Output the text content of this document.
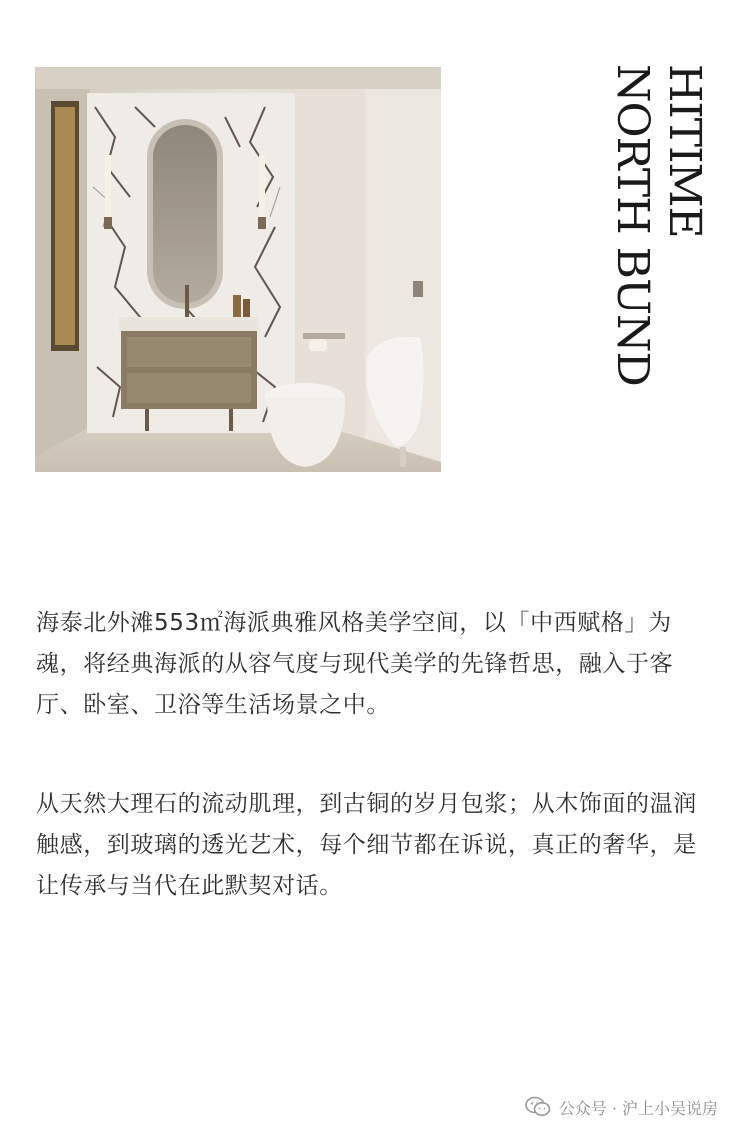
HITIME
NORTH BUND

海泰北外滩553㎡海派典雅风格美学空间，以「中西赋格」为魂，将经典海派的从容气度与现代美学的先锋哲思，融入于客厅、卧室、卫浴等生活场景之中。

从天然大理石的流动肌理，到古铜的岁月包浆；从木饰面的温润触感，到玻璃的透光艺术，每个细节都在诉说，真正的奢华，是让传承与当代在此默契对话。

公众号 · 沪上小吴说房
